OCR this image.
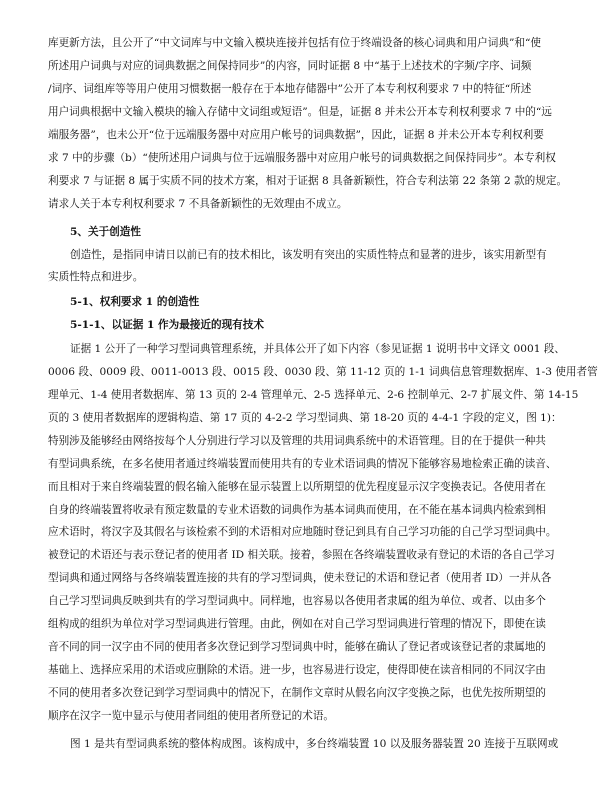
库更新方法，且公开了“中文词库与中文输入模块连接并包括有位于终端设备的核心词典和用户词典”和“使
所述用户词典与对应的词典数据之间保持同步”的内容，同时证据 8 中“基于上述技术的字频/字序、词频
/词序、词组库等等用户使用习惯数据一般存在于本地存储器中”公开了本专利权利要求 7 中的特征“所述
用户词典根据中文输入模块的输入存储中文词组或短语”。但是，证据 8 并未公开本专利权利要求 7 中的“远
端服务器”，也未公开“位于远端服务器中对应用户帐号的词典数据”，因此，证据 8 并未公开本专利权利要
求 7 中的步骤（b）“使所述用户词典与位于远端服务器中对应用户帐号的词典数据之间保持同步”。本专利权
利要求 7 与证据 8 属于实质不同的技术方案，相对于证据 8 具备新颖性，符合专利法第 22 条第 2 款的规定。
请求人关于本专利权利要求 7 不具备新颖性的无效理由不成立。
5、关于创造性
创造性，是指同申请日以前已有的技术相比，该发明有突出的实质性特点和显著的进步，该实用新型有
实质性特点和进步。
5-1、权利要求 1 的创造性
5-1-1、以证据 1 作为最接近的现有技术
证据 1 公开了一种学习型词典管理系统，并具体公开了如下内容（参见证据 1 说明书中文译文 0001 段、
0006 段、0009 段、0011-0013 段、0015 段、0030 段、第 11-12 页的 1-1 词典信息管理数据库、1-3 使用者管
理单元、1-4 使用者数据库、第 13 页的 2-4 管理单元、2-5 选择单元、2-6 控制单元、2-7 扩展文件、第 14-15
页的 3 使用者数据库的逻辑构造、第 17 页的 4-2-2 学习型词典、第 18-20 页的 4-4-1 字段的定义，图 1)：
特别涉及能够经由网络按每个人分别进行学习以及管理的共用词典系统中的术语管理。目的在于提供一种共
有型词典系统，在多名使用者通过终端装置而使用共有的专业术语词典的情况下能够容易地检索正确的读音、
而且相对于来自终端装置的假名输入能够在显示装置上以所期望的优先程度显示汉字变换表记。各使用者在
自身的终端装置将收录有预定数量的专业术语数的词典作为基本词典而使用，在不能在基本词典内检索到相
应术语时，将汉字及其假名与该检索不到的术语相对应地随时登记到具有自己学习功能的自己学习型词典中。
被登记的术语还与表示登记者的使用者 ID 相关联。接着，参照在各终端装置收录有登记的术语的各自己学习
型词典和通过网络与各终端装置连接的共有的学习型词典，使未登记的术语和登记者（使用者 ID）一并从各
自己学习型词典反映到共有的学习型词典中。同样地，也容易以各使用者隶属的组为单位、或者、以由多个
组构成的组织为单位对学习型词典进行管理。由此，例如在对自己学习型词典进行管理的情况下，即使在读
音不同的同一汉字由不同的使用者多次登记到学习型词典中时，能够在确认了登记者或该登记者的隶属地的
基础上、选择应采用的术语或应删除的术语。进一步，也容易进行设定，使得即使在读音相同的不同汉字由
不同的使用者多次登记到学习型词典中的情况下，在制作文章时从假名向汉字变换之际，也优先按所期望的
顺序在汉字一览中显示与使用者同组的使用者所登记的术语。
图 1 是共有型词典系统的整体构成图。该构成中，多台终端装置 10 以及服务器装置 20 连接于互联网或
